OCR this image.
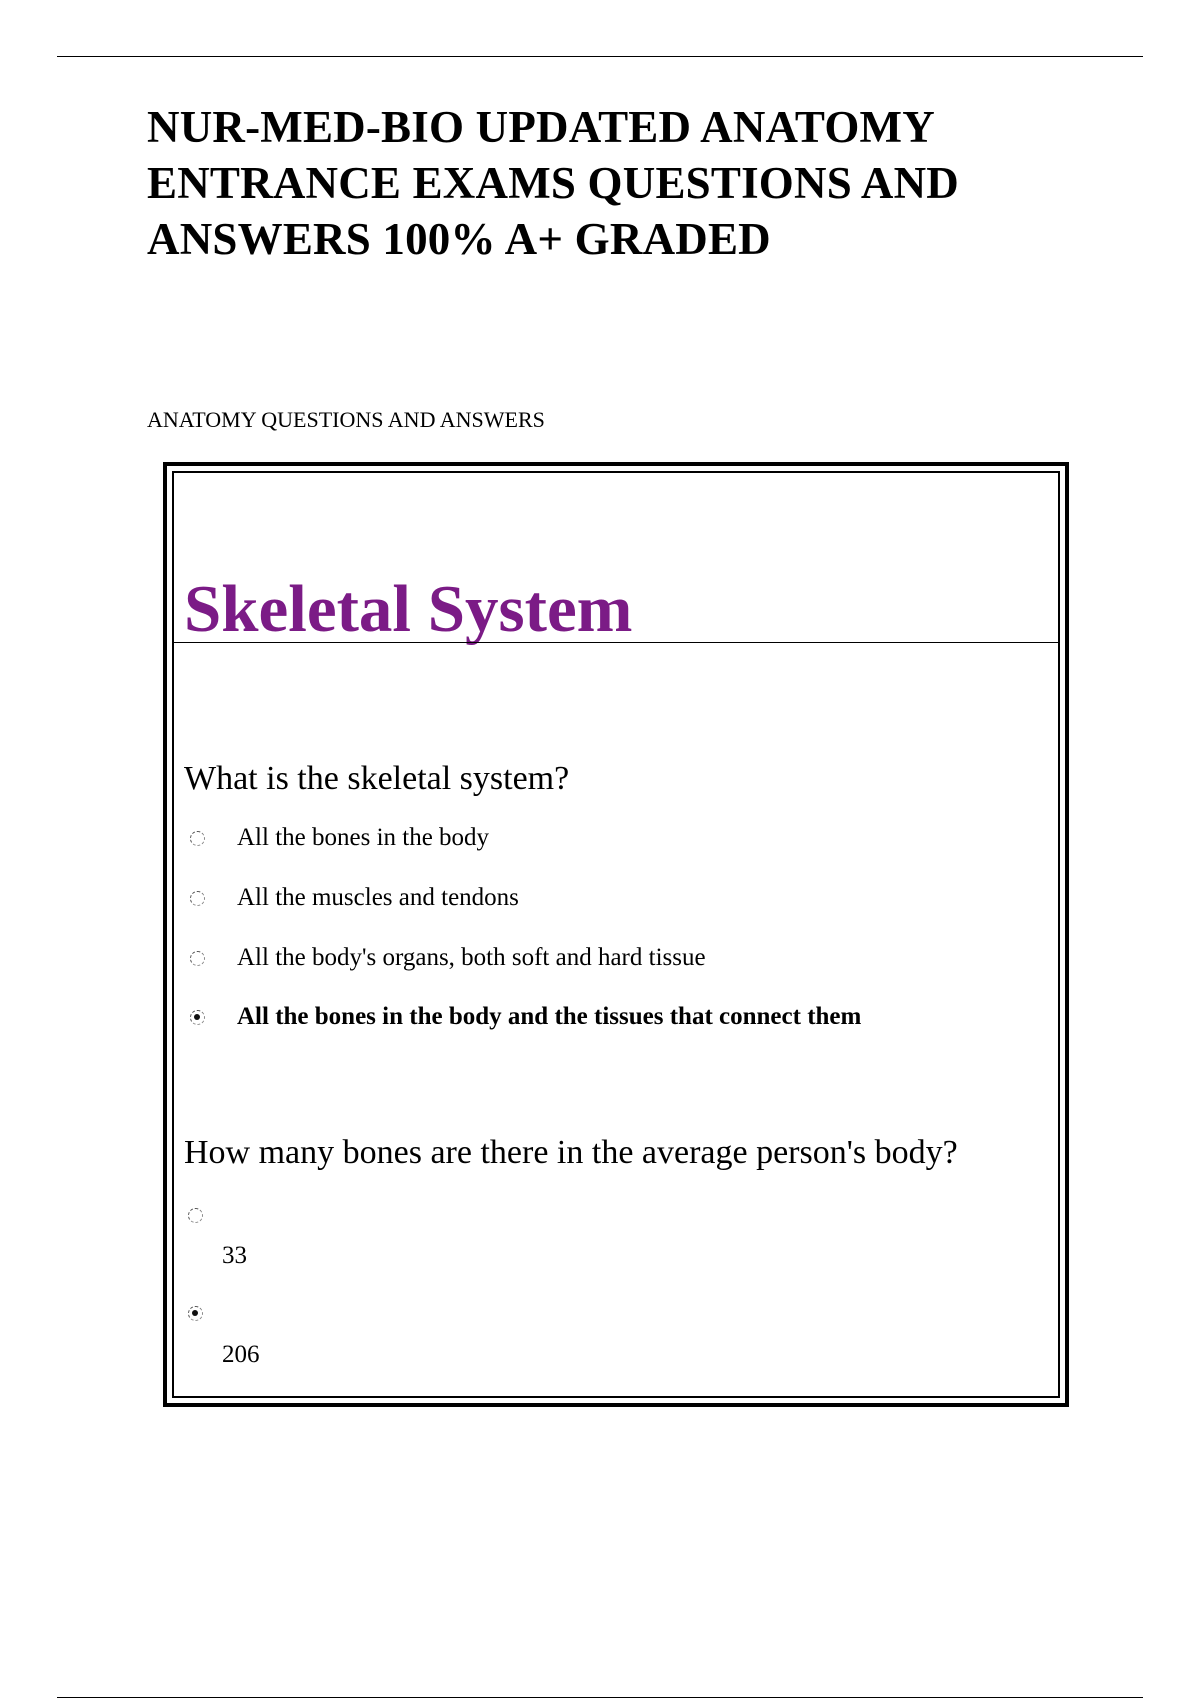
NUR-MED-BIO UPDATED ANATOMY ENTRANCE EXAMS QUESTIONS AND ANSWERS 100% A+ GRADED
ANATOMY QUESTIONS AND ANSWERS
Skeletal System
What is the skeletal system?
All the bones in the body
All the muscles and tendons
All the body's organs, both soft and hard tissue
All the bones in the body and the tissues that connect them
How many bones are there in the average person's body?
33
206
